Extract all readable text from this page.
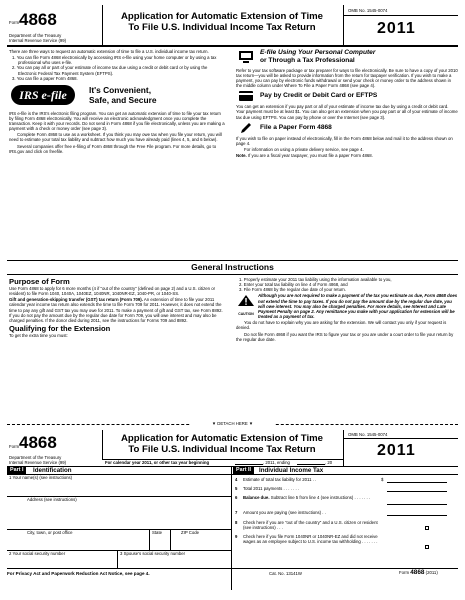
Form 4868
Department of the Treasury
Internal Revenue Service (99)
Application for Automatic Extension of Time
To File U.S. Individual Income Tax Return
OMB No. 1545-0074
2011

There are three ways to request an automatic extension of time to file a U.S. individual income tax return.

1. You can file Form 4868 electronically by accessing IRS e-file using your home computer or by using a tax professional who uses e-file.
2. You can pay all or part of your estimate of income tax due using a credit or debit card or by using the Electronic Federal Tax Payment System (EFTPS).
3. You can file a paper Form 4868.
IRS e-file	It's Convenient,
Safe, and Secure

IRS e-file is the IRS's electronic filing program. You can get an automatic extension of time to file your tax return by filing Form 4868 electronically. You will receive an electronic acknowledgment once you complete the transaction. Keep it with your records. Do not send in Form 4868 if you file electronically, unless you are making a payment with a check or money order (see page 3).

Complete Form 4868 to use as a worksheet. If you think you may owe tax when you file your return, you will need to estimate your total tax liability and subtract how much you have already paid (lines 4, 5, and 6 below).

Several companies offer free e-filing of Form 4868 through the Free File program. For more details, go to IRS.gov and click on freefile.

E-file Using Your Personal Computer
or Through a Tax Professional

Refer to your tax software package or tax preparer for ways to file electronically. Be sure to have a copy of your 2010 tax return—you will be asked to provide information from the return for taxpayer verification. If you wish to make a payment, you can pay by electronic funds withdrawal or send your check or money order to the address shown in the middle column under Where To File a Paper Form 4868 (see page 4).

Pay by Credit or Debit Card or EFTPS

You can get an extension if you pay part or all of your estimate of income tax due by using a credit or debit card. Your payment must be at least $1. You can also get an extension when you pay part or all of your estimate of income tax due using EFTPS. You can pay by phone or over the Internet (see page 3).

File a Paper Form 4868

If you wish to file on paper instead of electronically, fill in the Form 4868 below and mail it to the address shown on page 4.

For information on using a private delivery service, see page 4.

Note. If you are a fiscal year taxpayer, you must file a paper Form 4868.

General Instructions
Purpose of Form

Use Form 4868 to apply for 6 more months (4 if "out of the country" (defined on page 2) and a U.S. citizen or resident) to file Form 1040, 1040A, 1040EZ, 1040NR, 1040NR-EZ, 1040-PR, or 1040-SS.

Gift and generation-skipping transfer (GST) tax return (Form 709). An extension of time to file your 2011 calendar year income tax return also extends the time to file Form 709 for 2011. However, it does not extend the time to pay any gift and GST tax you may owe for 2011. To make a payment of gift and GST tax, see Form 8892. If you do not pay the amount due by the regular due date for Form 709, you will owe interest and may also be charged penalties. If the donor died during 2011, see the instructions for Forms 709 and 8892.

Qualifying for the Extension

To get the extra time you must:

1. Properly estimate your 2011 tax liability using the information available to you,
2. Enter your total tax liability on line 4 of Form 4868, and
3. File Form 4868 by the regular due date of your return.
CAUTION

Although you are not required to make a payment of the tax you estimate as due, Form 4868 does not extend the time to pay taxes. If you do not pay the amount due by the regular due date, you will owe interest. You may also be charged penalties. For more details, see Interest and Late Payment Penalty on page 2. Any remittance you make with your application for extension will be treated as a payment of tax.

You do not have to explain why you are asking for the extension. We will contact you only if your request is denied.

Do not file Form 4868 if you want the IRS to figure your tax or you are under a court order to file your return by the regular due date.

▼ DETACH HERE ▼
Form 4868
Department of the Treasury
Internal Revenue Service (99)
Application for Automatic Extension of Time
To File U.S. Individual Income Tax Return
OMB No. 1545-0074
2011
For calendar year 2011, or other tax year beginning	, 2011, ending	, 20
Part I	Identification	Part II	Individual Income Tax
1 Your name(s) (see instructions)
Address (see instructions)
City, town, or post office	State	ZIP Code
2 Your social security number	3 Spouse's social security number
4 Estimate of total tax liability for 2011 . .	$
5 Total 2011 payments . . . . . . .
6 Balance due. Subtract line 5 from line 4 (see instructions) . . . . . . .
7 Amount you are paying (see instructions) . .
8 Check here if you are "out of the country" and a U.S. citizen or resident (see instructions) . . .
9 Check here if you file Form 1040NR or 1040NR-EZ and did not receive wages as an employee subject to U.S. income tax withholding . . . . . . .
For Privacy Act and Paperwork Reduction Act Notice, see page 4.	Cat. No. 13141W	Form 4868 (2011)
